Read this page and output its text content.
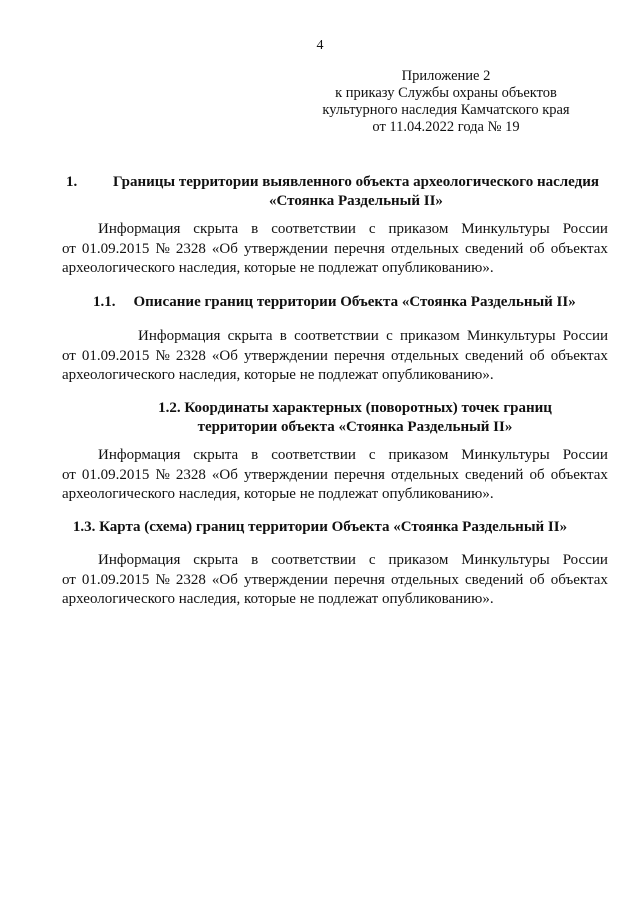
4
Приложение 2
к приказу Службы охраны объектов
культурного наследия Камчатского края
от 11.04.2022 года № 19
1.	Границы территории выявленного объекта археологического наследия
«Стоянка Раздельный II»
Информация скрыта в соответствии с приказом Минкультуры России
от 01.09.2015 № 2328 «Об утверждении перечня отдельных сведений об объектах
археологического наследия, которые не подлежат опубликованию».
1.1. Описание границ территории Объекта «Стоянка Раздельный II»
Информация скрыта в соответствии с приказом Минкультуры России
от 01.09.2015 № 2328 «Об утверждении перечня отдельных сведений об объектах
археологического наследия, которые не подлежат опубликованию».
1.2. Координаты характерных (поворотных) точек границ
территории объекта «Стоянка Раздельный II»
Информация скрыта в соответствии с приказом Минкультуры России
от 01.09.2015 № 2328 «Об утверждении перечня отдельных сведений об объектах
археологического наследия, которые не подлежат опубликованию».
1.3. Карта (схема) границ территории Объекта «Стоянка Раздельный II»
Информация скрыта в соответствии с приказом Минкультуры России
от 01.09.2015 № 2328 «Об утверждении перечня отдельных сведений об объектах
археологического наследия, которые не подлежат опубликованию».
